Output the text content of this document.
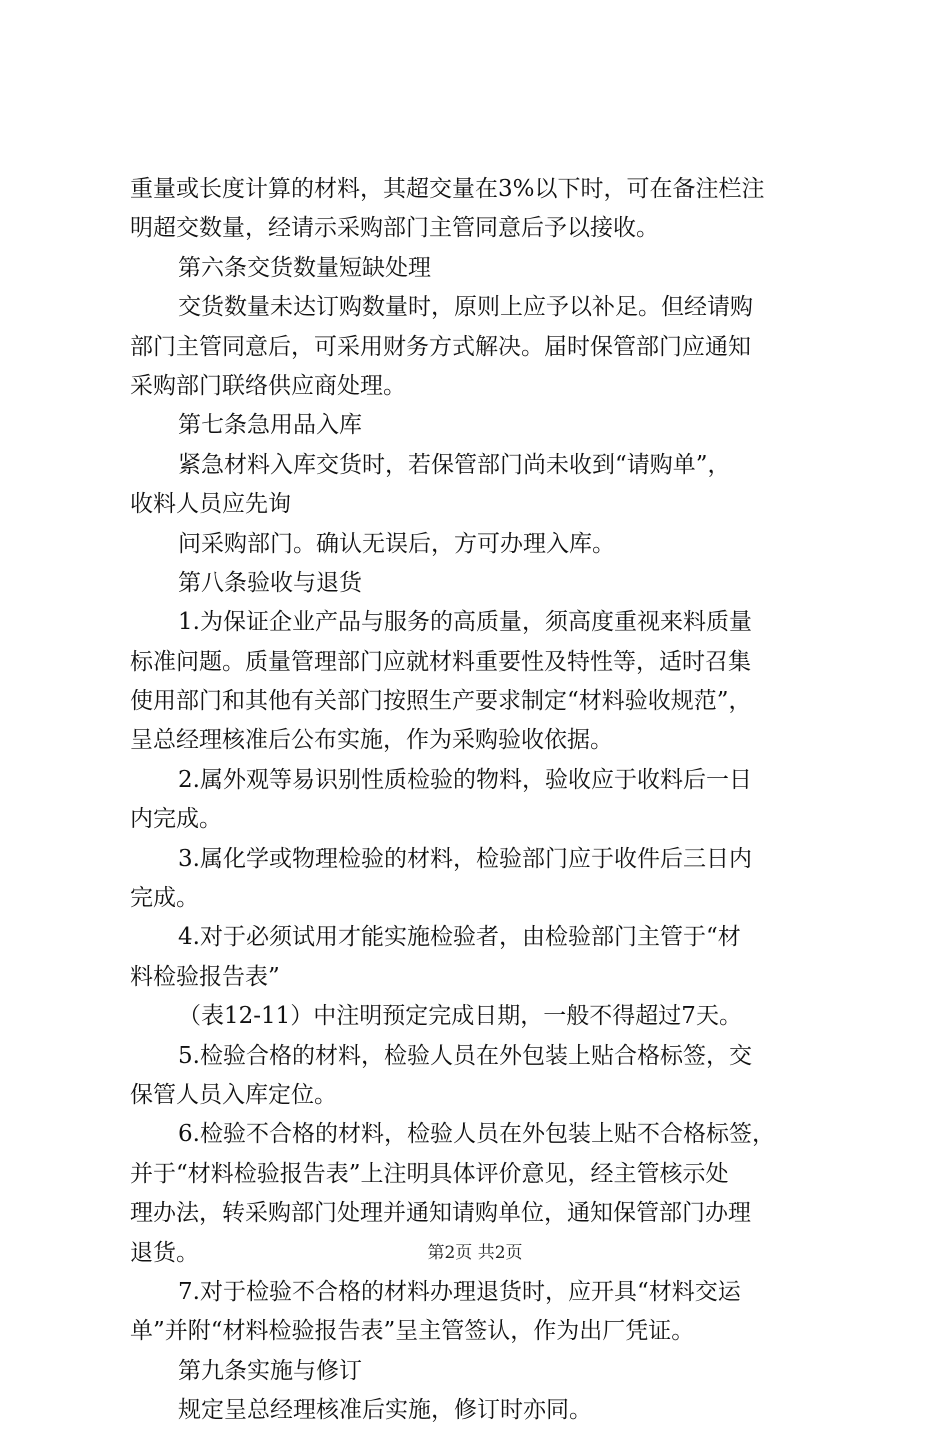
重量或长度计算的材料，其超交量在3%以下时，可在备注栏注
明超交数量，经请示采购部门主管同意后予以接收。
第六条交货数量短缺处理
交货数量未达订购数量时，原则上应予以补足。但经请购
部门主管同意后，可采用财务方式解决。届时保管部门应通知
采购部门联络供应商处理。
第七条急用品入库
紧急材料入库交货时，若保管部门尚未收到“请购单”，
收料人员应先询
问采购部门。确认无误后，方可办理入库。
第八条验收与退货
1.为保证企业产品与服务的高质量，须高度重视来料质量
标准问题。质量管理部门应就材料重要性及特性等，适时召集
使用部门和其他有关部门按照生产要求制定“材料验收规范”，
呈总经理核准后公布实施，作为采购验收依据。
2.属外观等易识别性质检验的物料，验收应于收料后一日
内完成。
3.属化学或物理检验的材料，检验部门应于收件后三日内
完成。
4.对于必须试用才能实施检验者，由检验部门主管于“材
料检验报告表”
（表12-11）中注明预定完成日期，一般不得超过7天。
5.检验合格的材料，检验人员在外包装上贴合格标签，交
保管人员入库定位。
6.检验不合格的材料，检验人员在外包装上贴不合格标签，
并于“材料检验报告表”上注明具体评价意见，经主管核示处
理办法，转采购部门处理并通知请购单位，通知保管部门办理
退货。
7.对于检验不合格的材料办理退货时，应开具“材料交运
单”并附“材料检验报告表”呈主管签认，作为出厂凭证。
第九条实施与修订
规定呈总经理核准后实施，修订时亦同。
第2页 共2页
